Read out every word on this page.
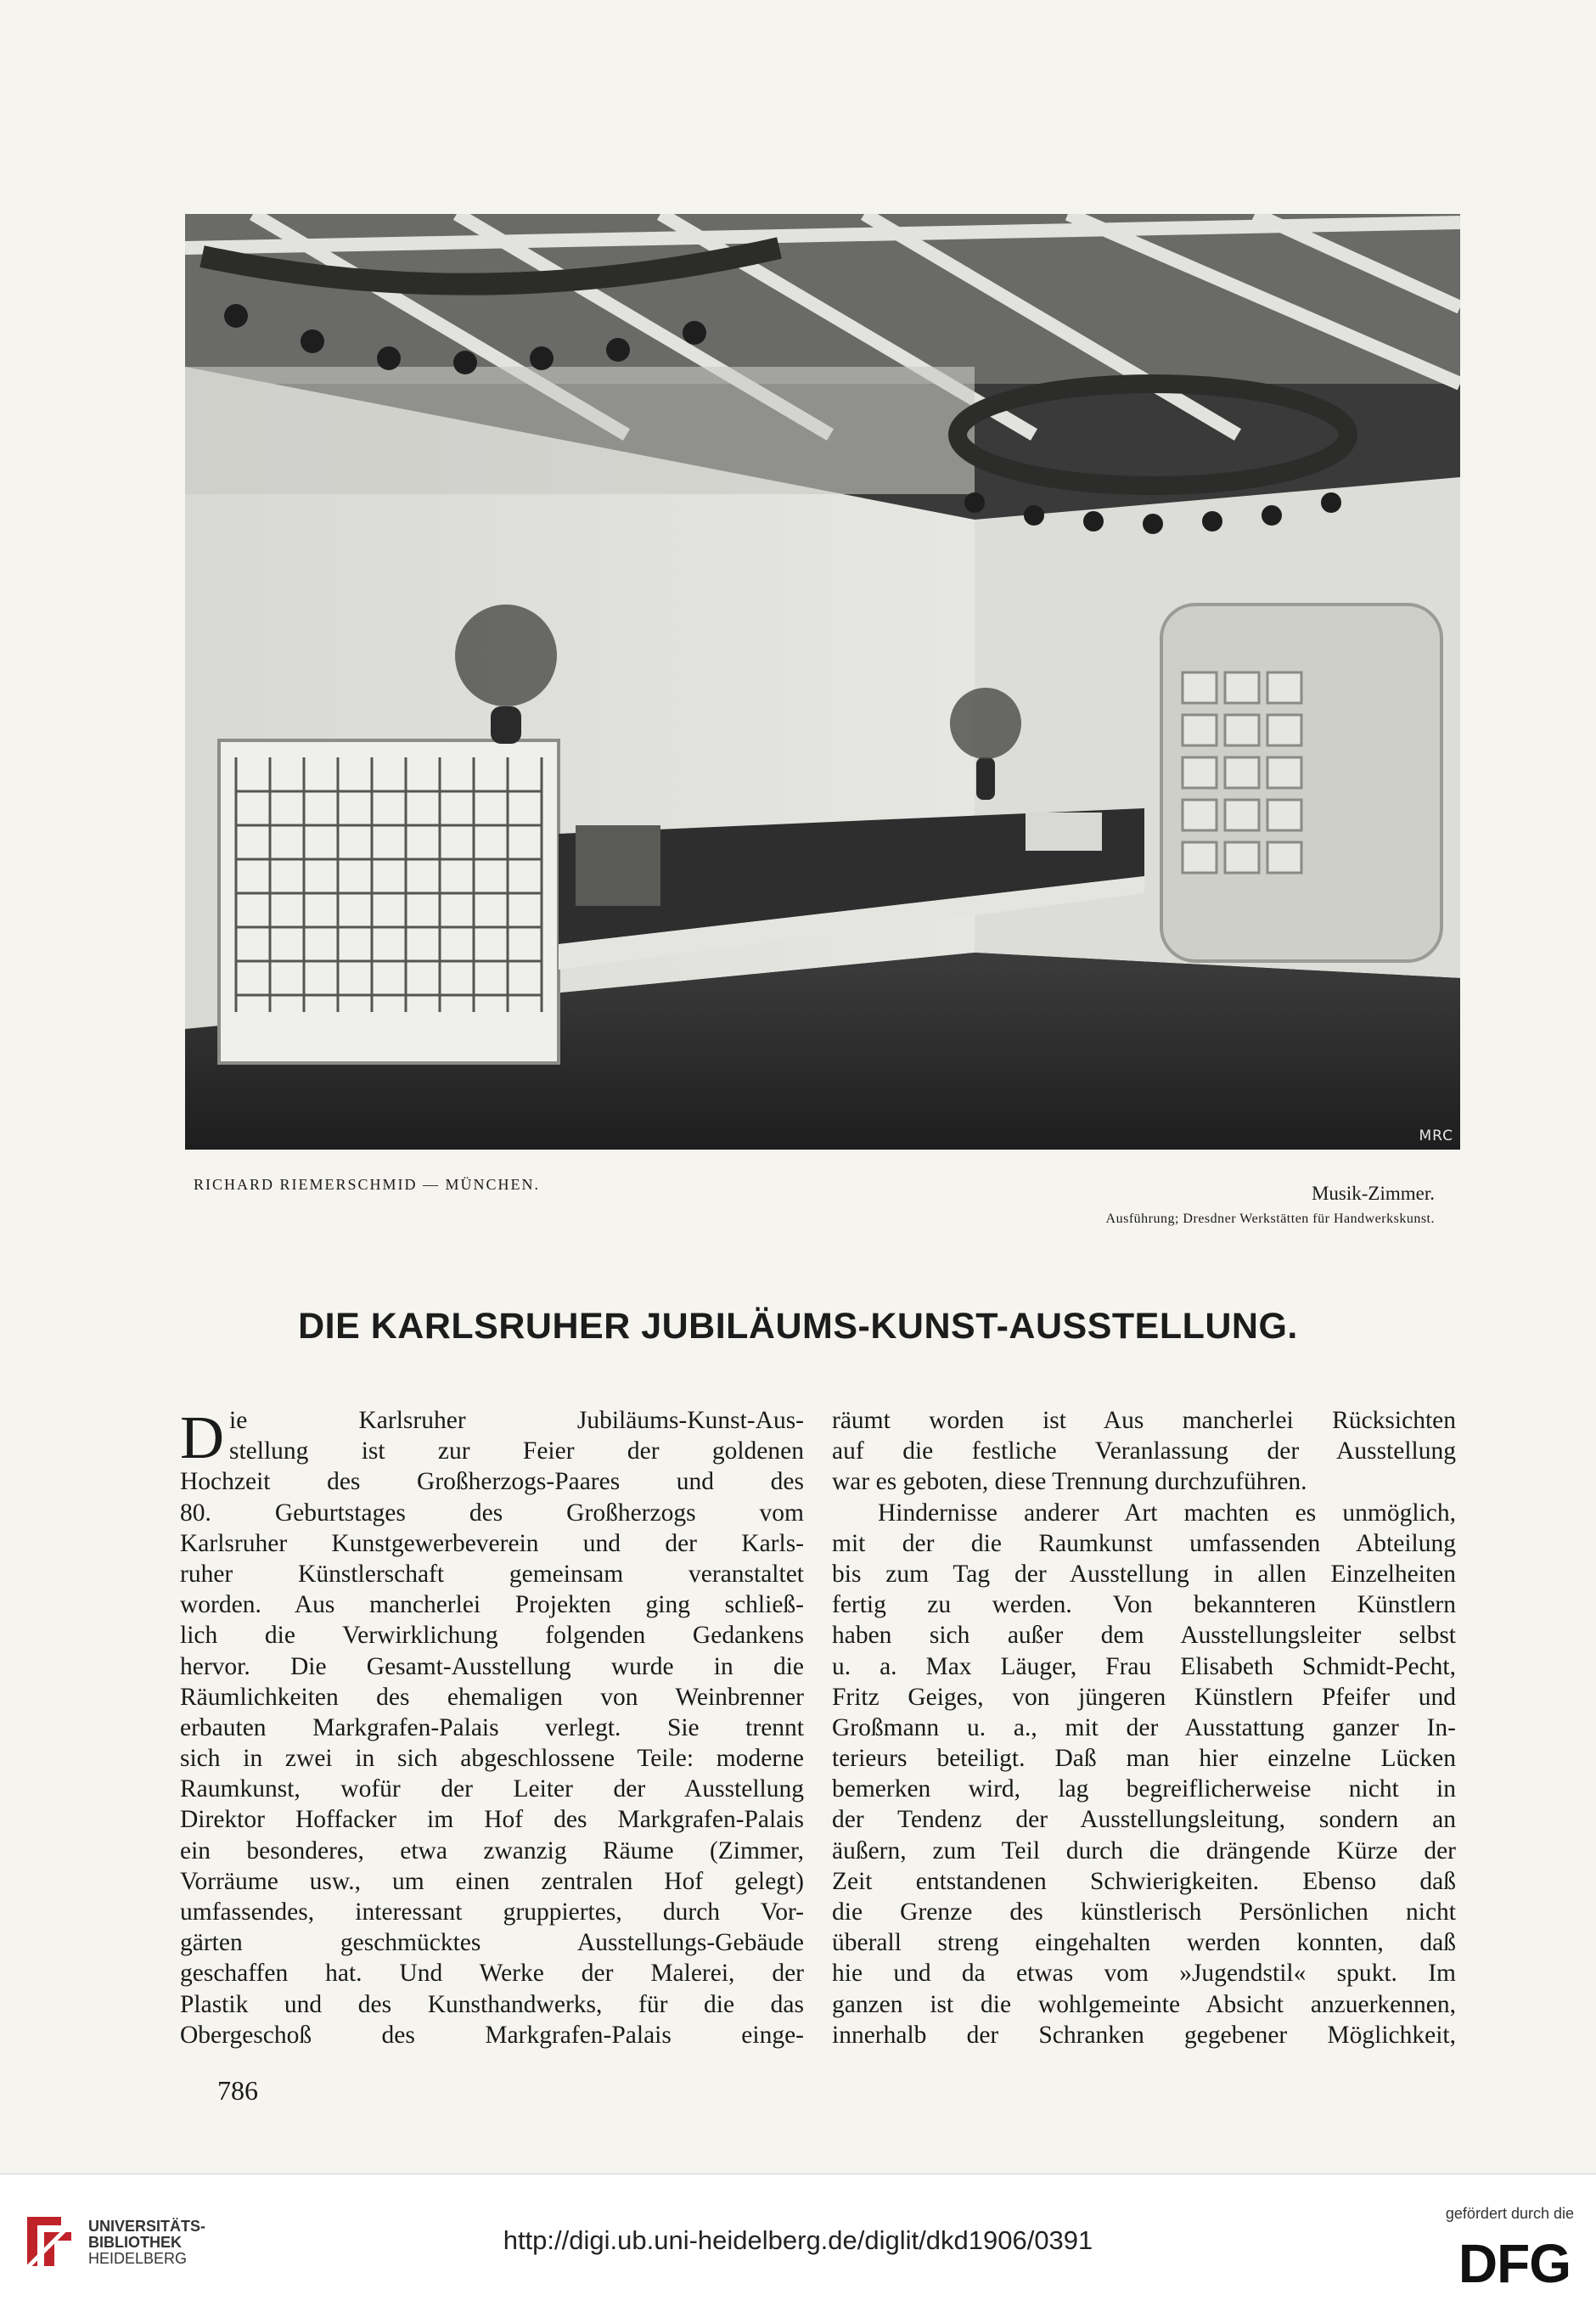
MRC
RICHARD RIEMERSCHMID — MÜNCHEN.	Musik-Zimmer.
Ausführung; Dresdner Werkstätten für Handwerkskunst.
DIE KARLSRUHER JUBILÄUMS-KUNST-AUSSTELLUNG.
D ie Karlsruher Jubiläums-Kunst-Aus-
stellung ist zur Feier der goldenen
Hochzeit des Großherzogs-Paares und des
80. Geburtstages des Großherzogs vom
Karlsruher Kunstgewerbeverein und der Karls-
ruher Künstlerschaft gemeinsam veranstaltet
worden. Aus mancherlei Projekten ging schließ-
lich die Verwirklichung folgenden Gedankens
hervor. Die Gesamt-Ausstellung wurde in die
Räumlichkeiten des ehemaligen von Weinbrenner
erbauten Markgrafen-Palais verlegt. Sie trennt
sich in zwei in sich abgeschlossene Teile: moderne
Raumkunst, wofür der Leiter der Ausstellung
Direktor Hoffacker im Hof des Markgrafen-Palais
ein besonderes, etwa zwanzig Räume (Zimmer,
Vorräume usw., um einen zentralen Hof gelegt)
umfassendes, interessant gruppiertes, durch Vor-
gärten geschmücktes Ausstellungs-Gebäude
geschaffen hat. Und Werke der Malerei, der
Plastik und des Kunsthandwerks, für die das
Obergeschoß des Markgrafen-Palais einge-
räumt worden ist Aus mancherlei Rücksichten
auf die festliche Veranlassung der Ausstellung
war es geboten, diese Trennung durchzuführen.
Hindernisse anderer Art machten es unmöglich,
mit der die Raumkunst umfassenden Abteilung
bis zum Tag der Ausstellung in allen Einzelheiten
fertig zu werden. Von bekannteren Künstlern
haben sich außer dem Ausstellungsleiter selbst
u. a. Max Läuger, Frau Elisabeth Schmidt-Pecht,
Fritz Geiges, von jüngeren Künstlern Pfeifer und
Großmann u. a., mit der Ausstattung ganzer In-
terieurs beteiligt. Daß man hier einzelne Lücken
bemerken wird, lag begreiflicherweise nicht in
der Tendenz der Ausstellungsleitung, sondern an
äußern, zum Teil durch die drängende Kürze der
Zeit entstandenen Schwierigkeiten. Ebenso daß
die Grenze des künstlerisch Persönlichen nicht
überall streng eingehalten werden konnten, daß
hie und da etwas vom »Jugendstil« spukt. Im
ganzen ist die wohlgemeinte Absicht anzuerkennen,
innerhalb der Schranken gegebener Möglichkeit,
786
UNIVERSITÄTS-
BIBLIOTHEK
HEIDELBERG
http://digi.ub.uni-heidelberg.de/diglit/dkd1906/0391
gefördert durch die
DFG
